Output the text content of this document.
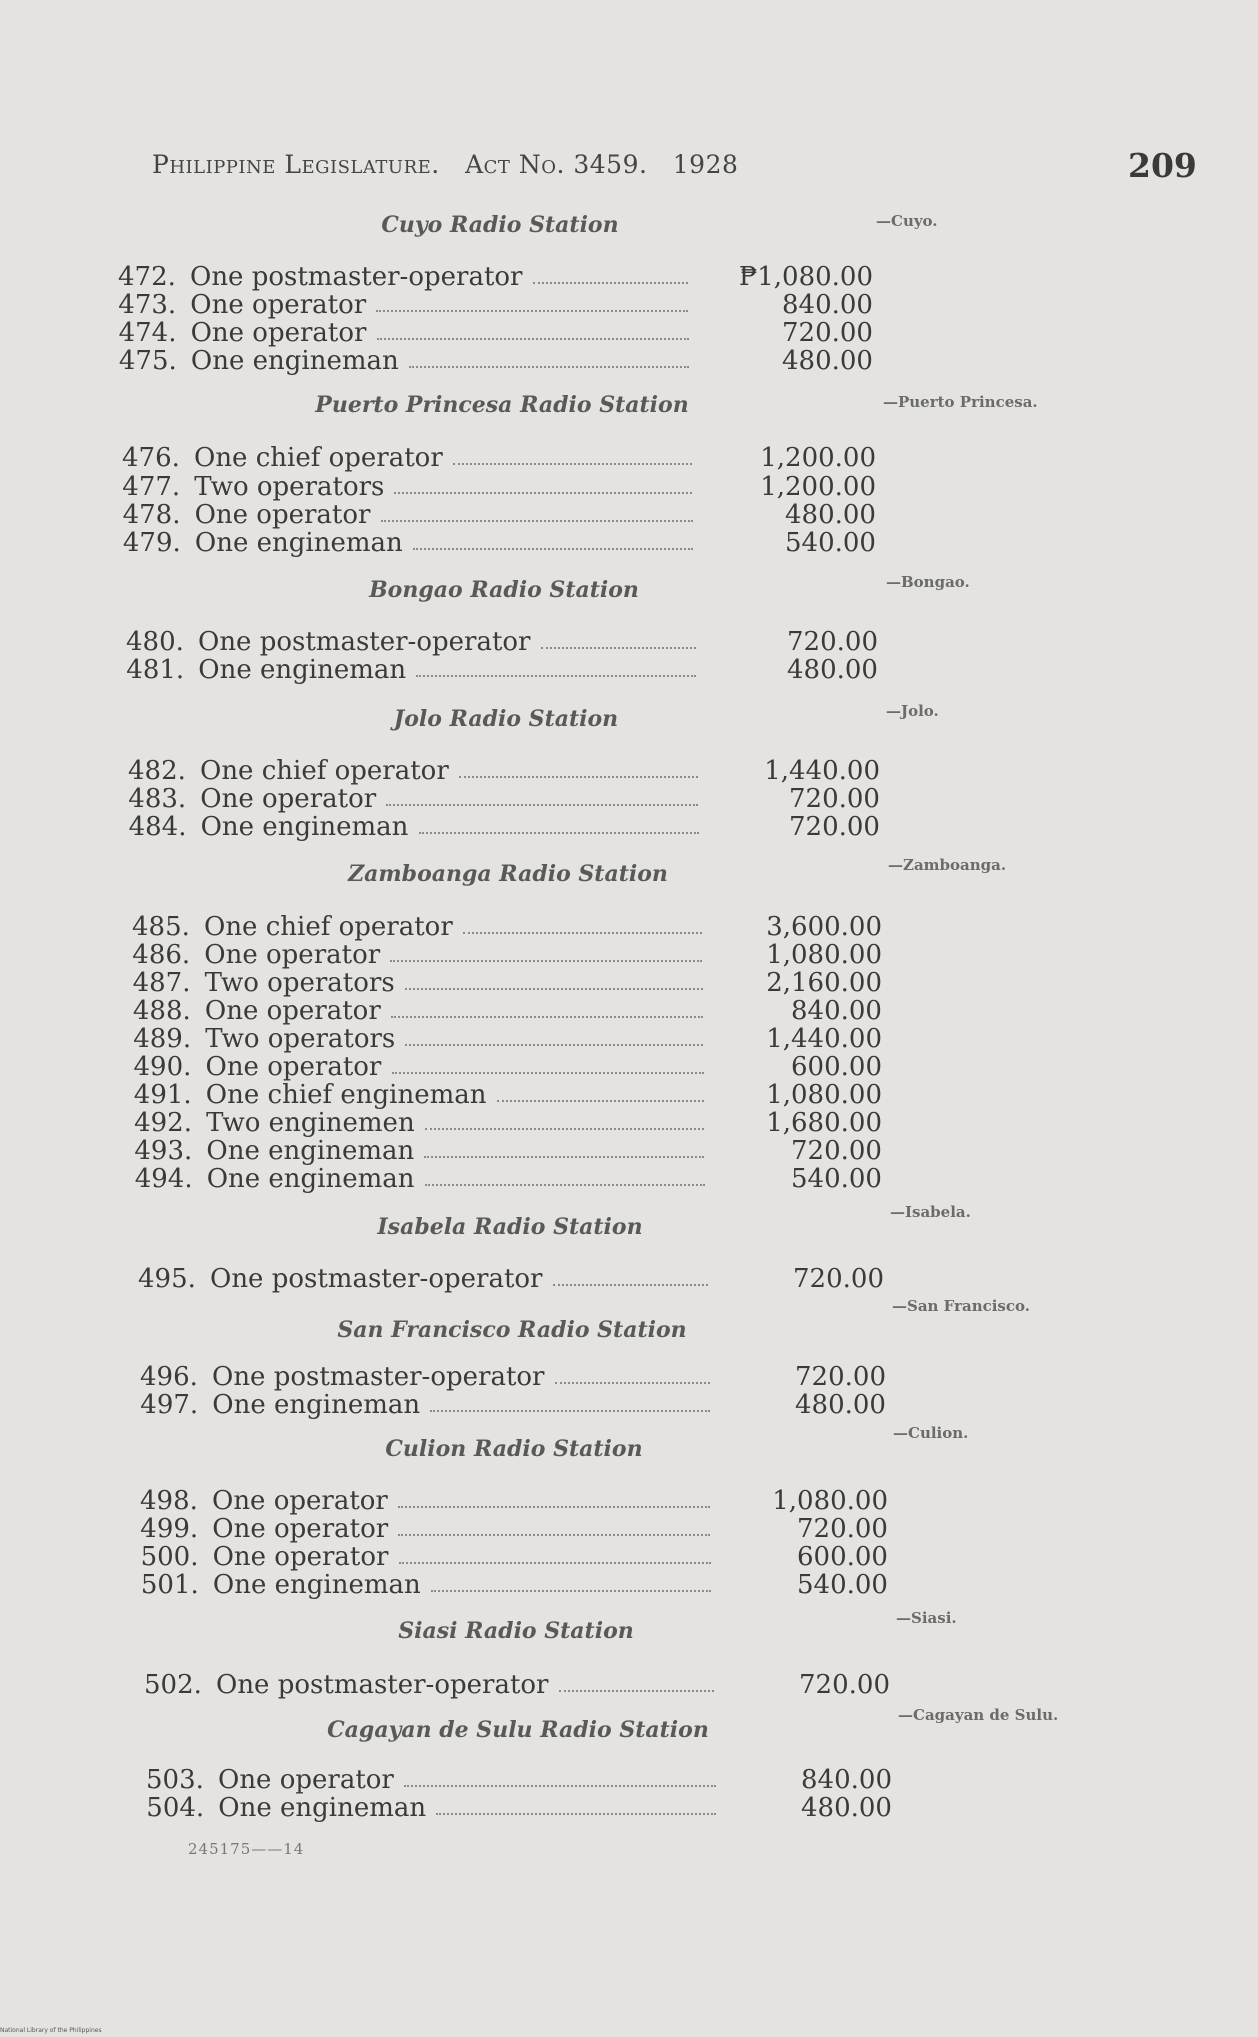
Philippine Legislature. Act No. 3459. 1928	209
Cuyo Radio Station	—Cuyo.
472. One postmaster-operator	₱1,080.00
473. One operator	840.00
474. One operator	720.00
475. One engineman	480.00
Puerto Princesa Radio Station	—Puerto Princesa.
476. One chief operator	1,200.00
477. Two operators	1,200.00
478. One operator	480.00
479. One engineman	540.00
Bongao Radio Station	—Bongao.
480. One postmaster-operator	720.00
481. One engineman	480.00
Jolo Radio Station	—Jolo.
482. One chief operator	1,440.00
483. One operator	720.00
484. One engineman	720.00
Zamboanga Radio Station	—Zamboanga.
485. One chief operator	3,600.00
486. One operator	1,080.00
487. Two operators	2,160.00
488. One operator	840.00
489. Two operators	1,440.00
490. One operator	600.00
491. One chief engineman	1,080.00
492. Two enginemen	1,680.00
493. One engineman	720.00
494. One engineman	540.00
Isabela Radio Station
—Isabela.
495. One postmaster-operator	720.00
San Francisco Radio Station
—San Francisco.
496. One postmaster-operator	720.00
497. One engineman	480.00
Culion Radio Station
—Culion.
498. One operator	1,080.00
499. One operator	720.00
500. One operator	600.00
501. One engineman	540.00
Siasi Radio Station	—Siasi.
502. One postmaster-operator	720.00
Cagayan de Sulu Radio Station
—Cagayan de Sulu.
503. One operator	840.00
504. One engineman	480.00
245175——14
National Library of the Philippines
